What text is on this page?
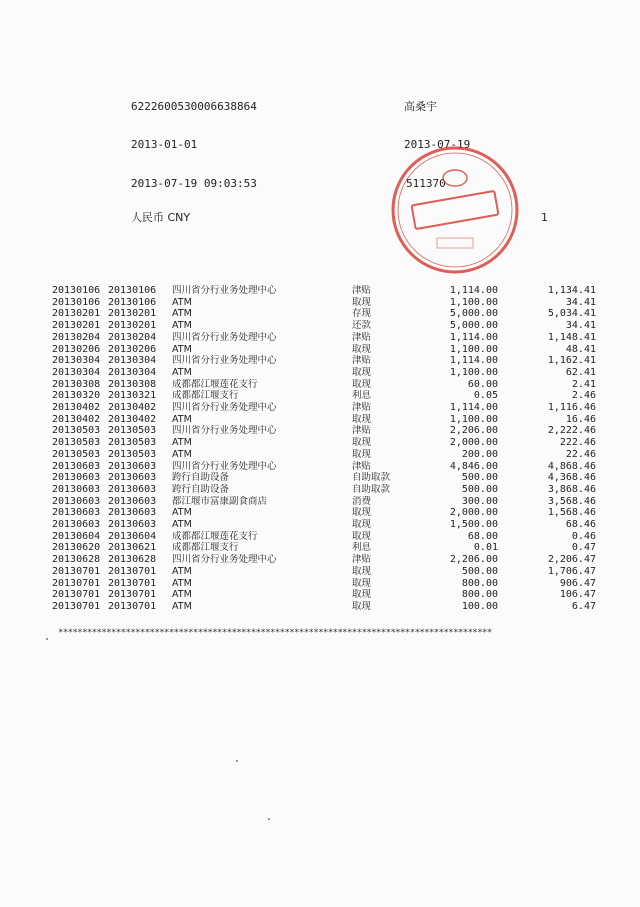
6222600530006638864	高桑宇
2013-01-01	2013-07-19
2013-07-19 09:03:53	511370
人民币 CNY	1
20130106	20130106	四川省分行业务处理中心	津贴	1,114.00	1,134.41
20130106	20130106	ATM	取现	1,100.00	34.41
20130201	20130201	ATM	存现	5,000.00	5,034.41
20130201	20130201	ATM	还款	5,000.00	34.41
20130204	20130204	四川省分行业务处理中心	津贴	1,114.00	1,148.41
20130206	20130206	ATM	取现	1,100.00	48.41
20130304	20130304	四川省分行业务处理中心	津贴	1,114.00	1,162.41
20130304	20130304	ATM	取现	1,100.00	62.41
20130308	20130308	成都都江堰莲花支行	取现	60.00	2.41
20130320	20130321	成都都江堰支行	利息	0.05	2.46
20130402	20130402	四川省分行业务处理中心	津贴	1,114.00	1,116.46
20130402	20130402	ATM	取现	1,100.00	16.46
20130503	20130503	四川省分行业务处理中心	津贴	2,206.00	2,222.46
20130503	20130503	ATM	取现	2,000.00	222.46
20130503	20130503	ATM	取现	200.00	22.46
20130603	20130603	四川省分行业务处理中心	津贴	4,846.00	4,868.46
20130603	20130603	跨行自助设备	自助取款	500.00	4,368.46
20130603	20130603	跨行自助设备	自助取款	500.00	3,868.46
20130603	20130603	都江堰市富康副食商店	消费	300.00	3,568.46
20130603	20130603	ATM	取现	2,000.00	1,568.46
20130603	20130603	ATM	取现	1,500.00	68.46
20130604	20130604	成都都江堰莲花支行	取现	68.00	0.46
20130620	20130621	成都都江堰支行	利息	0.01	0.47
20130628	20130628	四川省分行业务处理中心	津贴	2,206.00	2,206.47
20130701	20130701	ATM	取现	500.00	1,706.47
20130701	20130701	ATM	取现	800.00	906.47
20130701	20130701	ATM	取现	800.00	106.47
20130701	20130701	ATM	取现	100.00	6.47
******************************************************************************************
